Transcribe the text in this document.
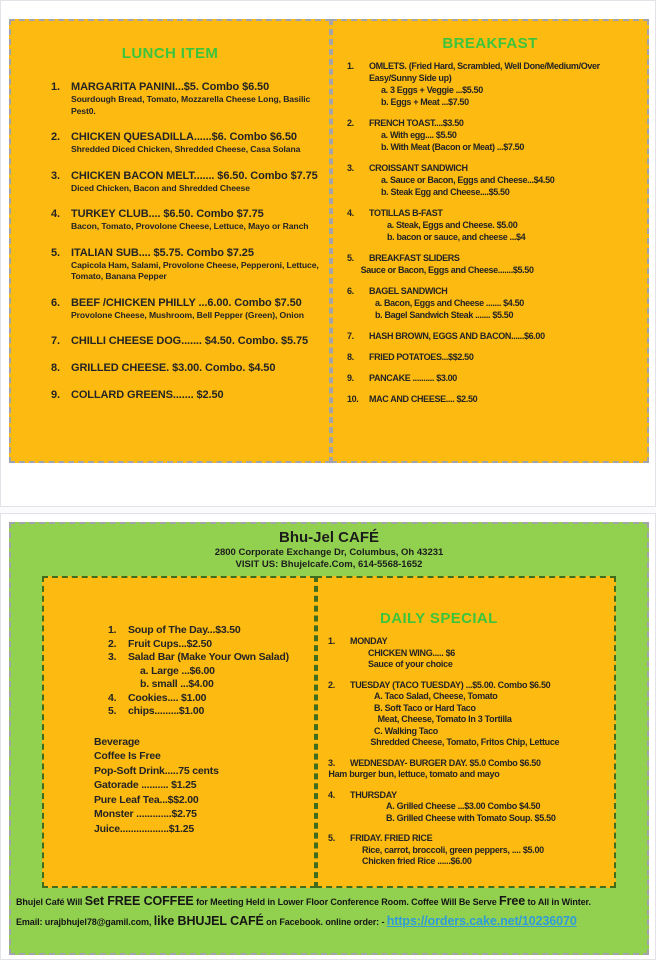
LUNCH ITEM
1.	MARGARITA PANINI...$5. Combo $6.50
Sourdough Bread, Tomato, Mozzarella Cheese Long, Basilic Pest0.
2.	CHICKEN QUESADILLA......$6. Combo $6.50
Shredded Diced Chicken, Shredded Cheese, Casa Solana
3.	CHICKEN BACON MELT....... $6.50. Combo $7.75
Diced Chicken, Bacon and Shredded Cheese
4.	TURKEY CLUB.... $6.50. Combo $7.75
Bacon, Tomato, Provolone Cheese, Lettuce, Mayo or Ranch
5.	ITALIAN SUB.... $5.75. Combo $7.25
Capicola Ham, Salami, Provolone Cheese, Pepperoni, Lettuce, Tomato, Banana Pepper
6.	BEEF /CHICKEN PHILLY ...6.00. Combo $7.50
Provolone Cheese, Mushroom, Bell Pepper (Green), Onion
7.	CHILLI CHEESE DOG....... $4.50. Combo. $5.75
8.	GRILLED CHEESE. $3.00. Combo. $4.50
9.	COLLARD GREENS....... $2.50
BREAKFAST
1.	OMLETS. (Fried Hard, Scrambled, Well Done/Medium/Over Easy/Sunny Side up)
a. 3 Eggs + Veggie ...$5.50
b. Eggs + Meat ...$7.50
2.	FRENCH TOAST....$3.50
a. With egg.... $5.50
b. With Meat (Bacon or Meat) ...$7.50
3.	CROISSANT SANDWICH
a. Sauce or Bacon, Eggs and Cheese...$4.50
b. Steak Egg and Cheese....$5.50
4.	TOTILLAS B-FAST
a. Steak, Eggs and Cheese. $5.00
b. bacon or sauce, and cheese ...$4
5.	BREAKFAST SLIDERS
Sauce or Bacon, Eggs and Cheese.......$5.50
6.	BAGEL SANDWICH
a. Bacon, Eggs and Cheese ....... $4.50
b. Bagel Sandwich Steak ....... $5.50
7.	HASH BROWN, EGGS AND BACON......$6.00
8.	FRIED POTATOES...$$2.50
9.	PANCAKE .......... $3.00
10.	MAC AND CHEESE.... $2.50
Bhu-Jel CAFÉ
2800 Corporate Exchange Dr, Columbus, Oh 43231
VISIT US: Bhujelcafe.Com, 614-5568-1652
1.	Soup of The Day...$3.50
2.	Fruit Cups...$2.50
3.	Salad Bar (Make Your Own Salad)
a. Large ...$6.00
b. small ...$4.00
4.	Cookies.... $1.00
5.	chips.........$1.00
Beverage
Coffee Is Free
Pop-Soft Drink.....75 cents
Gatorade .......... $1.25
Pure Leaf Tea...$$2.00
Monster .............$2.75
Juice..................$1.25
DAILY SPECIAL
1.	MONDAY
CHICKEN WING..... $6
Sauce of your choice
2.	TUESDAY (TACO TUESDAY) ...$5.00. Combo $6.50
A. Taco Salad, Cheese, Tomato
B. Soft Taco or Hard Taco
Meat, Cheese, Tomato In 3 Tortilla
C. Walking Taco
Shredded Cheese, Tomato, Fritos Chip, Lettuce
3.	WEDNESDAY- BURGER DAY. $5.0 Combo $6.50
Ham burger bun, lettuce, tomato and mayo
4.	THURSDAY
A. Grilled Cheese ...$3.00 Combo $4.50
B. Grilled Cheese with Tomato Soup. $5.50
5.	FRIDAY. FRIED RICE
Rice, carrot, broccoli, green peppers, .... $5.00
Chicken fried Rice ......$6.00
Bhujel Café Will Set FREE COFFEE for Meeting Held in Lower Floor Conference Room. Coffee Will Be Serve Free to All in Winter.
Email: urajbhujel78@gamil.com, like BHUJEL CAFÉ on Facebook. online order: - https://orders.cake.net/10236070
